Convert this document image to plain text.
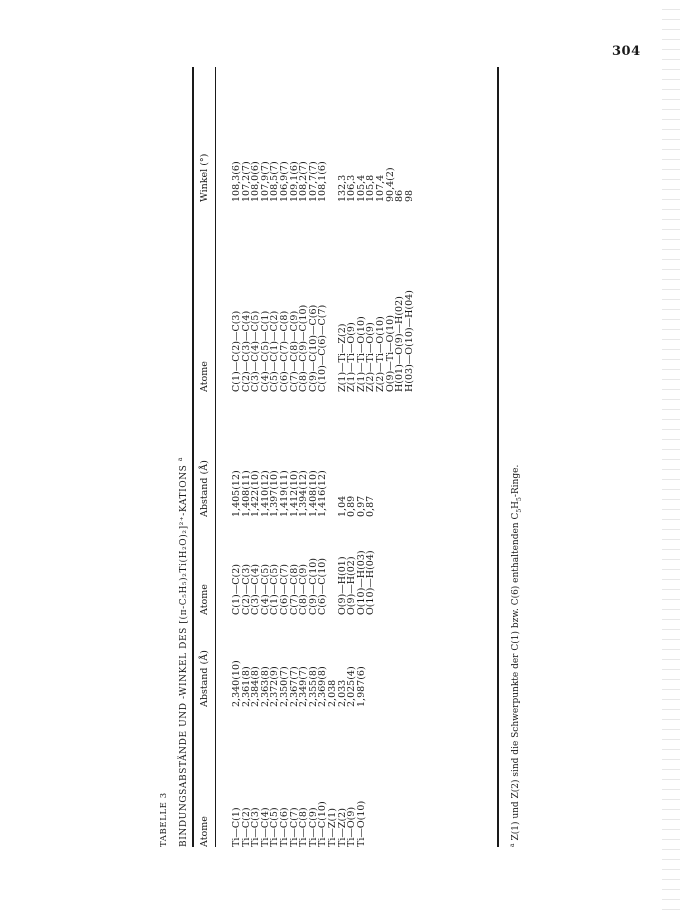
304
TABELLE 3	BINDUNGSABSTÄNDE UND -WINKEL DES [(π-C₅H₅)₂Ti(H₂O)₂]²⁺-KATIONS $^a$
Atome
Abstand (Å)
Atome
Abstand (Å)
Atome
Winkel (°)
Ti—C(1)
Ti—C(2)
Ti—C(3)
Ti—C(4)
Ti—C(5)
Ti—C(6)
Ti—C(7)
Ti—C(8)
Ti—C(9)
Ti—C(10)
Ti—Z(1)
Ti—Z(2)
Ti—O(9)
Ti—O(10)
2,340(10)
2,361(8)
2,384(8)
2,363(8)
2,372(9)
2,350(7)
2,367(7)
2,349(7)
2,355(8)
2,369(8)
2,038
2,033
2,025(4)
1,987(6)
C(1)—C(2)
C(2)—C(3)
C(3)—C(4)
C(4)—C(5)
C(1)—C(5)
C(6)—C(7)
C(7)—C(8)
C(8)—C(9)
C(9)—C(10)
C(6)—C(10) O(9)—H(01)
O(9)—H(02)
O(10)—H(03)
O(10)—H(04)
1,405(12)
1,408(11)
1,422(10)
1,410(12)
1,397(10)
1,419(11)
1,412(10)
1,394(12)
1,408(10)
1,416(12) 1,04
0,89
0,97
0,87
C(1)—C(2)—C(3)
C(2)—C(3)—C(4)
C(3)—C(4)—C(5)
C(4)—C(5)—C(1)
C(5)—C(1)—C(2)
C(6)—C(7)—C(8)
C(7)—C(8)—C(9)
C(8)—C(9)—C(10)
C(9)—C(10)—C(6)
C(10)—C(6)—C(7) Z(1)—Ti—Z(2)
Z(1)—Ti—O(9)
Z(1)—Ti—O(10)
Z(2)—Ti—O(9)
Z(2)—Ti—O(10)
O(9)—Ti—O(10)
H(01)—O(9)—H(02)
H(03)—O(10)—H(04)
108,3(6)
107,2(7)
108,0(6)
107,9(7)
108,5(7)
106,9(7)
109,1(6)
108,2(7)
107,7(7)
108,1(6) 132,3
106,3
105,4
105,8
107,4
90,4(2)
86
98
$^a$ Z(1) und Z(2) sind die Schwerpunkte der C(1) bzw. C(6) enthaltenden $C_5H_5$-Ringe.
